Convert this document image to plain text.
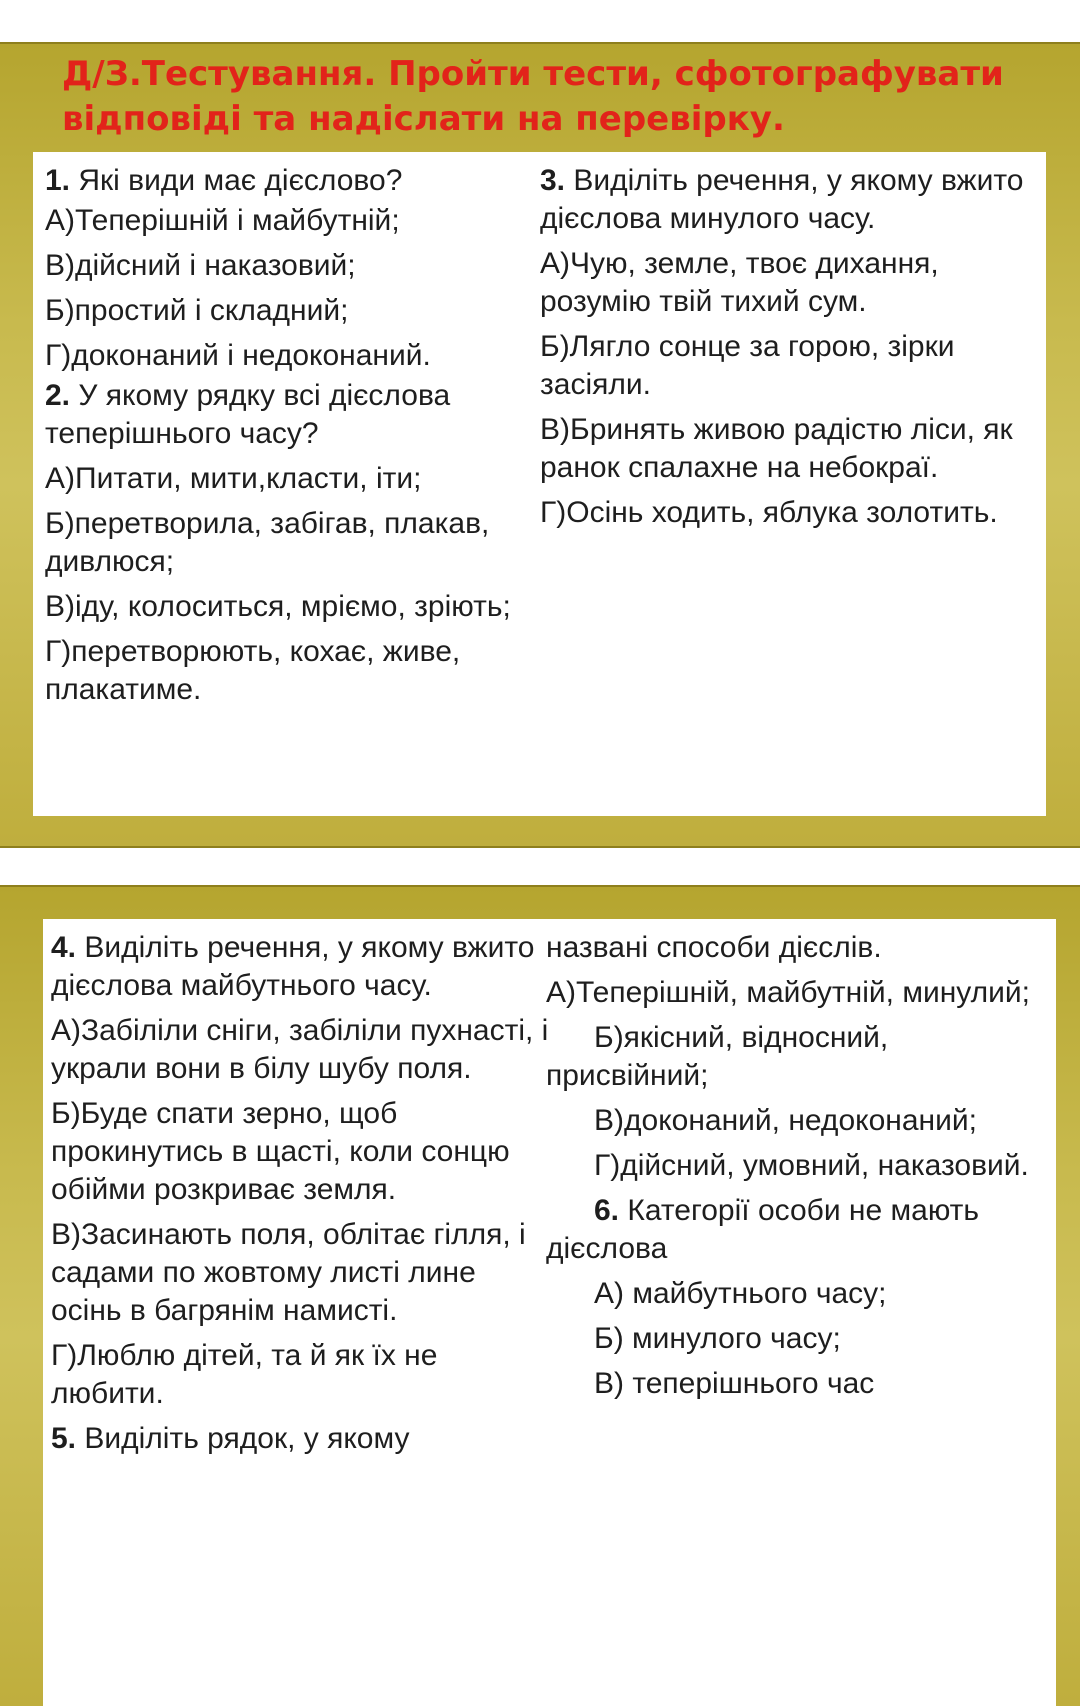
Д/З.Тестування. Пройти тести, сфотографувати
відповіді та надіслати на перевірку.
1. Які види має дієслово?
А)Теперішній і майбутній;
В)дійсний і наказовий;
Б)простий і складний;
Г)доконаний і недоконаний.
2. У якому рядку всі дієслова теперішнього часу?
А)Питати, мити,класти, іти;
Б)перетворила, забігав, плакав, дивлюся;
В)іду, колоситься, мріємо, зріють;
Г)перетворюють, кохає, живе, плакатиме.
3. Виділіть речення, у якому вжито дієслова минулого часу.
А)Чую, земле, твоє дихання, розумію твій тихий сум.
Б)Лягло сонце за горою, зірки засіяли.
В)Бринять живою радістю ліси, як ранок спалахне на небокраї.
Г)Осінь ходить, яблука золотить.
4. Виділіть речення, у якому вжито дієслова майбутнього часу.
А)Забіліли сніги, забіліли пухнасті, і украли вони в білу шубу поля.
Б)Буде спати зерно, щоб прокинутись в щасті, коли сонцю обійми розкриває земля.
В)Засинають поля, облітає гілля, і садами по жовтому листі лине осінь в багрянім намисті.
Г)Люблю дітей, та й як їх не любити.
5. Виділіть рядок, у якому
названі способи дієслів.
А)Теперішній, майбутній, минулий;
Б)якісний, відносний, присвійний;
В)доконаний, недоконаний;
Г)дійсний, умовний, наказовий.
6. Категорії особи не мають дієслова
А) майбутнього часу;
Б) минулого часу;
В) теперішнього час
